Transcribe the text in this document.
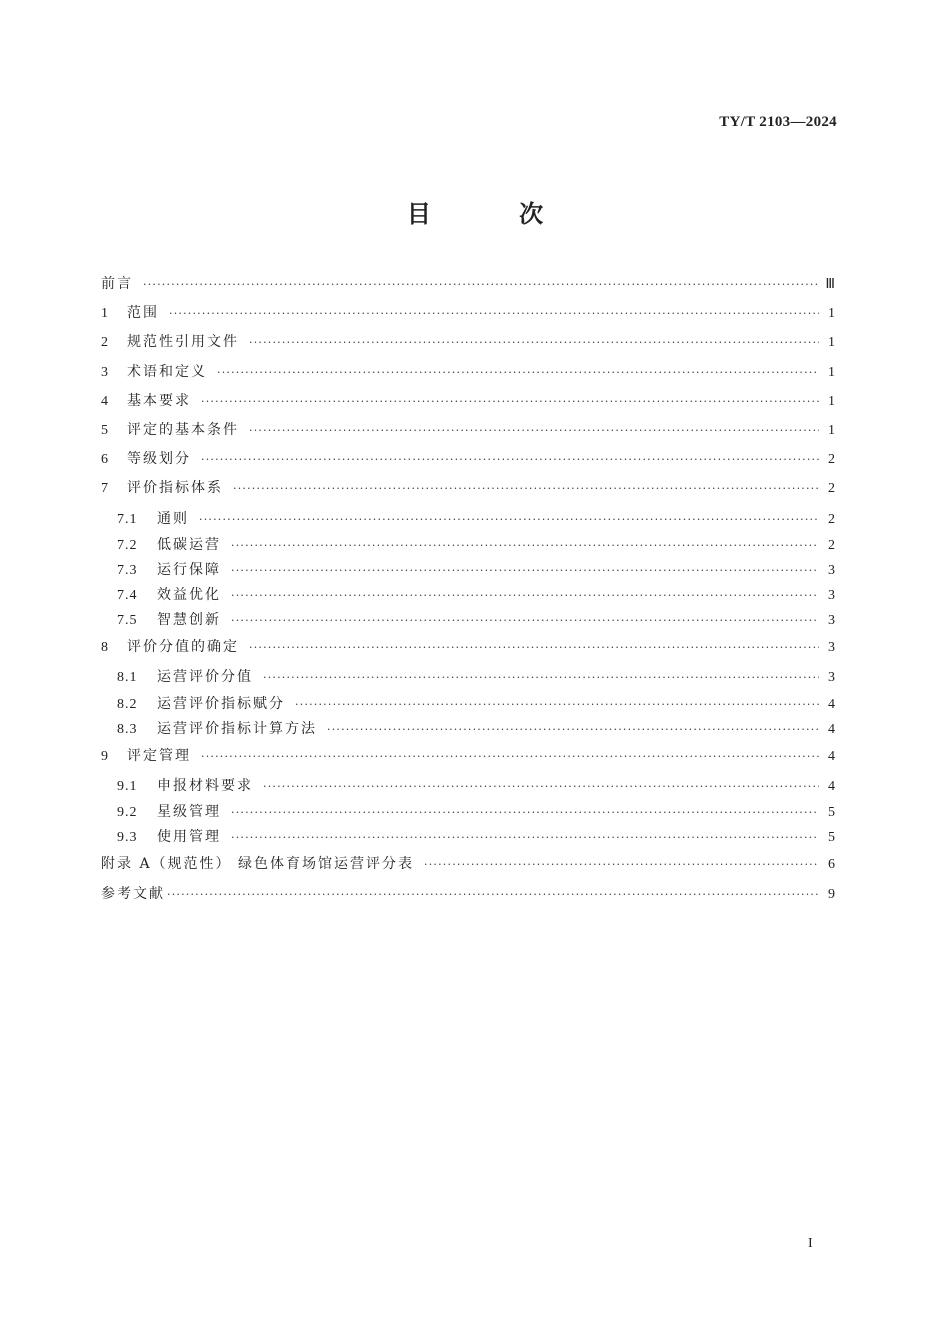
TY/T 2103—2024
目 次
前言 ·····	Ⅲ
1	范围 ·····	1
2	规范性引用文件 ·····	1
3	术语和定义 ·····	1
4	基本要求 ·····	1
5	评定的基本条件 ·····	1
6	等级划分 ·····	2
7	评价指标体系 ·····	2
7.1	通则 ·····	2
7.2	低碳运营 ·····	2
7.3	运行保障 ·····	3
7.4	效益优化 ·····	3
7.5	智慧创新 ·····	3
8	评价分值的确定 ·····	3
8.1	运营评价分值 ·····	3
8.2	运营评价指标赋分 ·····	4
8.3	运营评价指标计算方法 ·····	4
9	评定管理 ·····	4
9.1	申报材料要求 ·····	4
9.2	星级管理 ·····	5
9.3	使用管理 ·····	5
附录 A（规范性） 绿色体育场馆运营评分表 ·····	6
参考文献 ·····	9
I
